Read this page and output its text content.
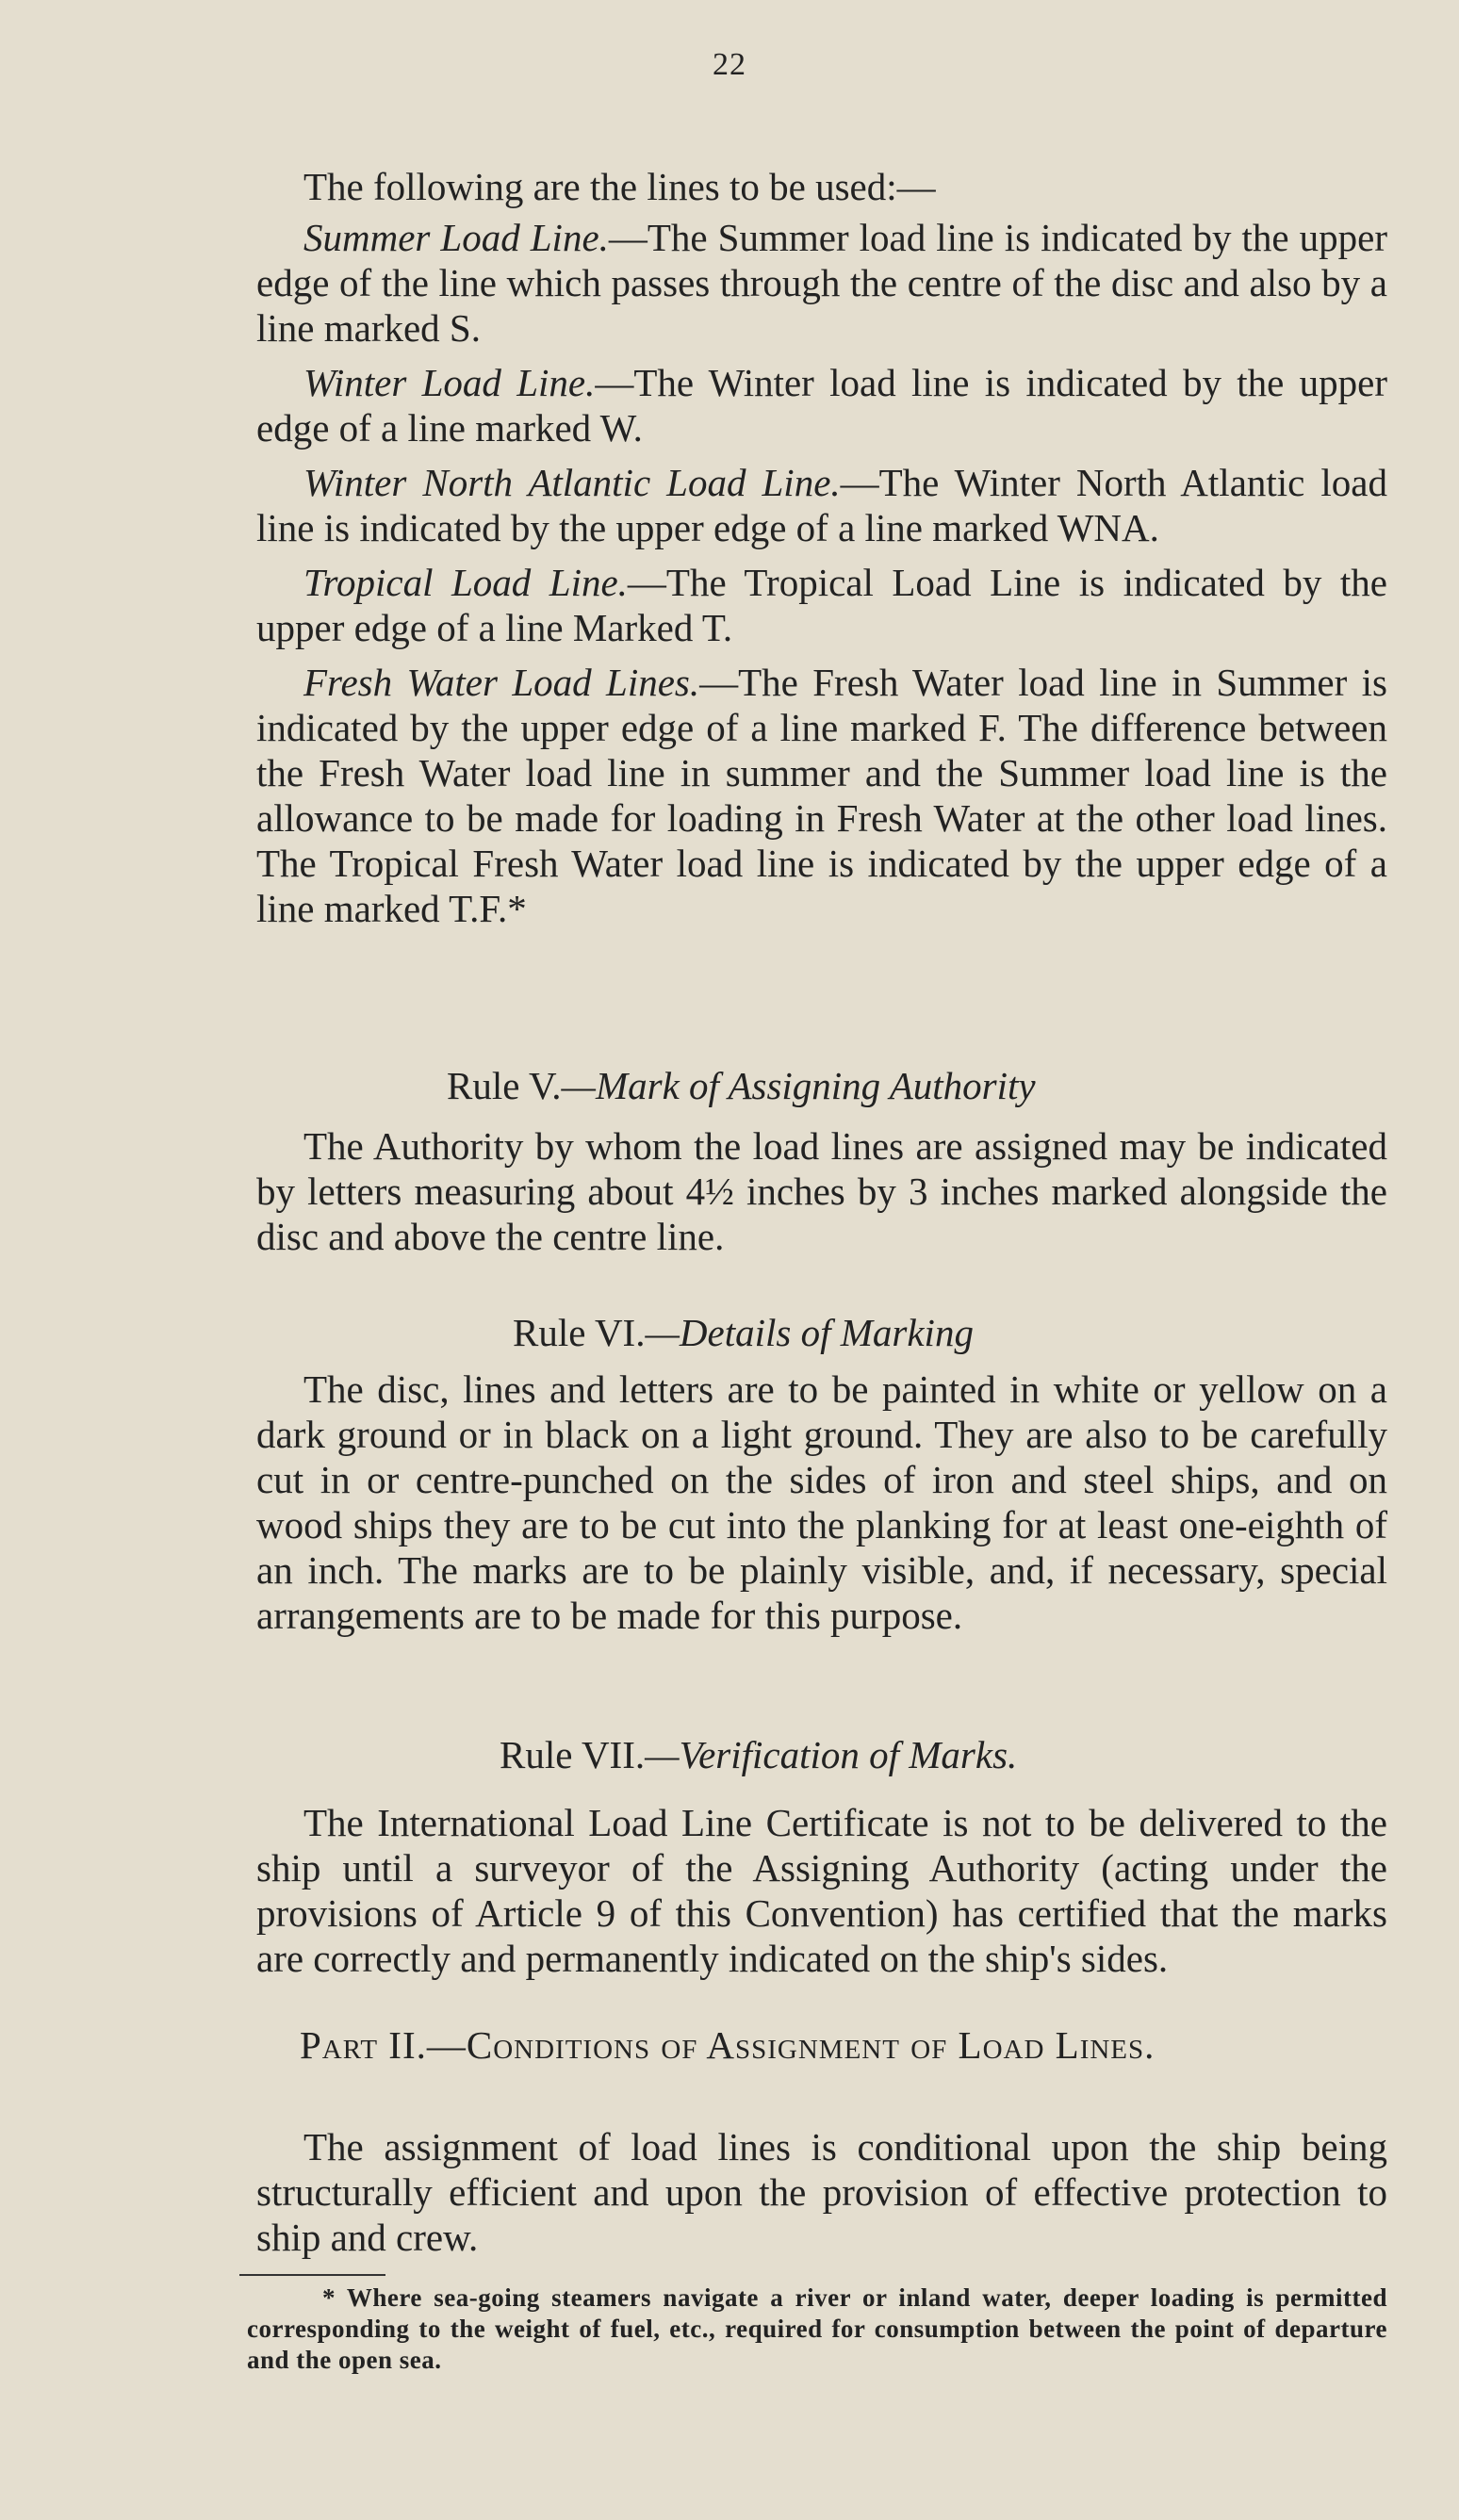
22

The following are the lines to be used:—

Summer Load Line.—The Summer load line is indicated by the upper edge of the line which passes through the centre of the disc and also by a line marked S.

Winter Load Line.—The Winter load line is indicated by the upper edge of a line marked W.

Winter North Atlantic Load Line.—The Winter North Atlantic load line is indicated by the upper edge of a line marked WNA.

Tropical Load Line.—The Tropical Load Line is indicated by the upper edge of a line Marked T.

Fresh Water Load Lines.—The Fresh Water load line in Summer is indicated by the upper edge of a line marked F. The difference between the Fresh Water load line in summer and the Summer load line is the allowance to be made for loading in Fresh Water at the other load lines. The Tropical Fresh Water load line is indicated by the upper edge of a line marked T.F.*

Rule V.—Mark of Assigning Authority

The Authority by whom the load lines are assigned may be indicated by letters measuring about 4½ inches by 3 inches marked alongside the disc and above the centre line.

Rule VI.—Details of Marking

The disc, lines and letters are to be painted in white or yellow on a dark ground or in black on a light ground. They are also to be carefully cut in or centre-punched on the sides of iron and steel ships, and on wood ships they are to be cut into the planking for at least one-eighth of an inch. The marks are to be plainly visible, and, if necessary, special arrangements are to be made for this purpose.

Rule VII.—Verification of Marks.

The International Load Line Certificate is not to be delivered to the ship until a surveyor of the Assigning Authority (acting under the provisions of Article 9 of this Convention) has certified that the marks are correctly and permanently indicated on the ship's sides.

Part II.—Conditions of Assignment of Load Lines.

The assignment of load lines is conditional upon the ship being structurally efficient and upon the provision of effective protection to ship and crew.

* Where sea-going steamers navigate a river or inland water, deeper loading is permitted corresponding to the weight of fuel, etc., required for consumption between the point of departure and the open sea.
